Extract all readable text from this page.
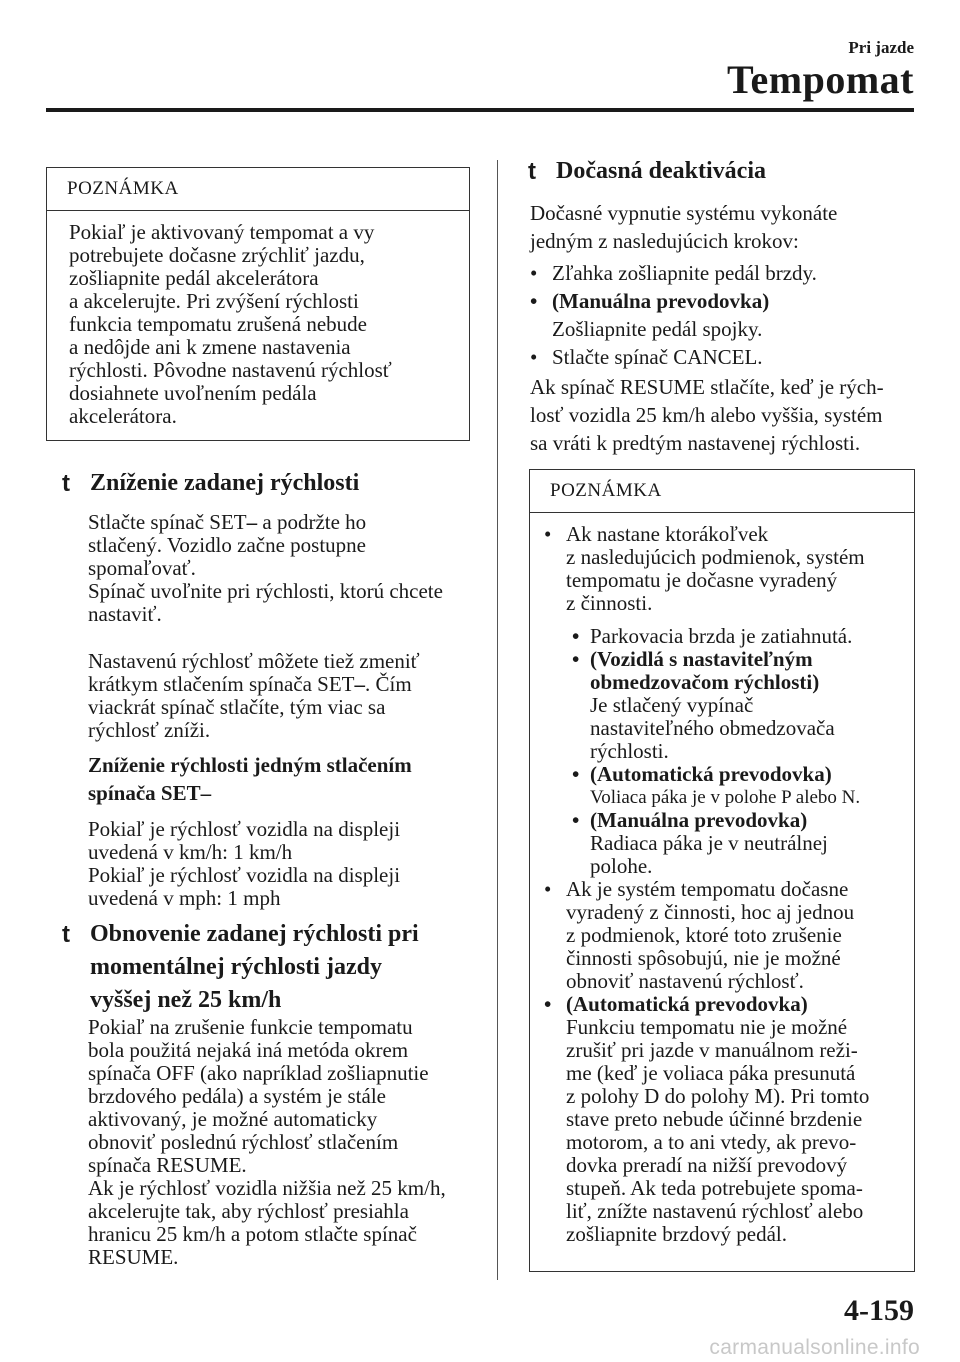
Pri jazde
Tempomat
POZNÁMKA
Pokiaľ je aktivovaný tempomat a vy
potrebujete dočasne zrýchliť jazdu,
zošliapnite pedál akcelerátora
a akcelerujte. Pri zvýšení rýchlosti
funkcia tempomatu zrušená nebude
a nedôjde ani k zmene nastavenia
rýchlosti. Pôvodne nastavenú rýchlosť
dosiahnete uvoľnením pedála
akcelerátora.
t Zníženie zadanej rýchlosti
Stlačte spínač SET‒ a podržte ho
stlačený. Vozidlo začne postupne
spomaľovať.
Spínač uvoľnite pri rýchlosti, ktorú chcete
nastaviť.
Nastavenú rýchlosť môžete tiež zmeniť
krátkym stlačením spínača SET‒. Čím
viackrát spínač stlačíte, tým viac sa
rýchlosť zníži.
Zníženie rýchlosti jedným stlačením
spínača SET‒
Pokiaľ je rýchlosť vozidla na displeji
uvedená v km/h: 1 km/h
Pokiaľ je rýchlosť vozidla na displeji
uvedená v mph: 1 mph
t Obnovenie zadanej rýchlosti pri
momentálnej rýchlosti jazdy
vyššej než 25 km/h
Pokiaľ na zrušenie funkcie tempomatu
bola použitá nejaká iná metóda okrem
spínača OFF (ako napríklad zošliapnutie
brzdového pedála) a systém je stále
aktivovaný, je možné automaticky
obnoviť poslednú rýchlosť stlačením
spínača RESUME.
Ak je rýchlosť vozidla nižšia než 25 km/h,
akcelerujte tak, aby rýchlosť presiahla
hranicu 25 km/h a potom stlačte spínač
RESUME.
t Dočasná deaktivácia
Dočasné vypnutie systému vykonáte
jedným z nasledujúcich krokov:
• Zľahka zošliapnite pedál brzdy.
• (Manuálna prevodovka)
Zošliapnite pedál spojky.
• Stlačte spínač CANCEL.
Ak spínač RESUME stlačíte, keď je rých-
losť vozidla 25 km/h alebo vyššia, systém
sa vráti k predtým nastavenej rýchlosti.
POZNÁMKA
• Ak nastane ktorákoľvek
z nasledujúcich podmienok, systém
tempomatu je dočasne vyradený
z činnosti.
• Parkovacia brzda je zatiahnutá.
• (Vozidlá s nastaviteľným
obmedzovačom rýchlosti)
Je stlačený vypínač
nastaviteľného obmedzovača
rýchlosti.
• (Automatická prevodovka)
Voliaca páka je v polohe P alebo N.
• (Manuálna prevodovka)
Radiaca páka je v neutrálnej
polohe.
• Ak je systém tempomatu dočasne
vyradený z činnosti, hoc aj jednou
z podmienok, ktoré toto zrušenie
činnosti spôsobujú, nie je možné
obnoviť nastavenú rýchlosť.
• (Automatická prevodovka)
Funkciu tempomatu nie je možné
zrušiť pri jazde v manuálnom reži-
me (keď je voliaca páka presunutá
z polohy D do polohy M). Pri tomto
stave preto nebude účinné brzdenie
motorom, a to ani vtedy, ak prevo-
dovka preradí na nižší prevodový
stupeň. Ak teda potrebujete spoma-
liť, znížte nastavenú rýchlosť alebo
zošliapnite brzdový pedál.
4-159
carmanualsonline.info
